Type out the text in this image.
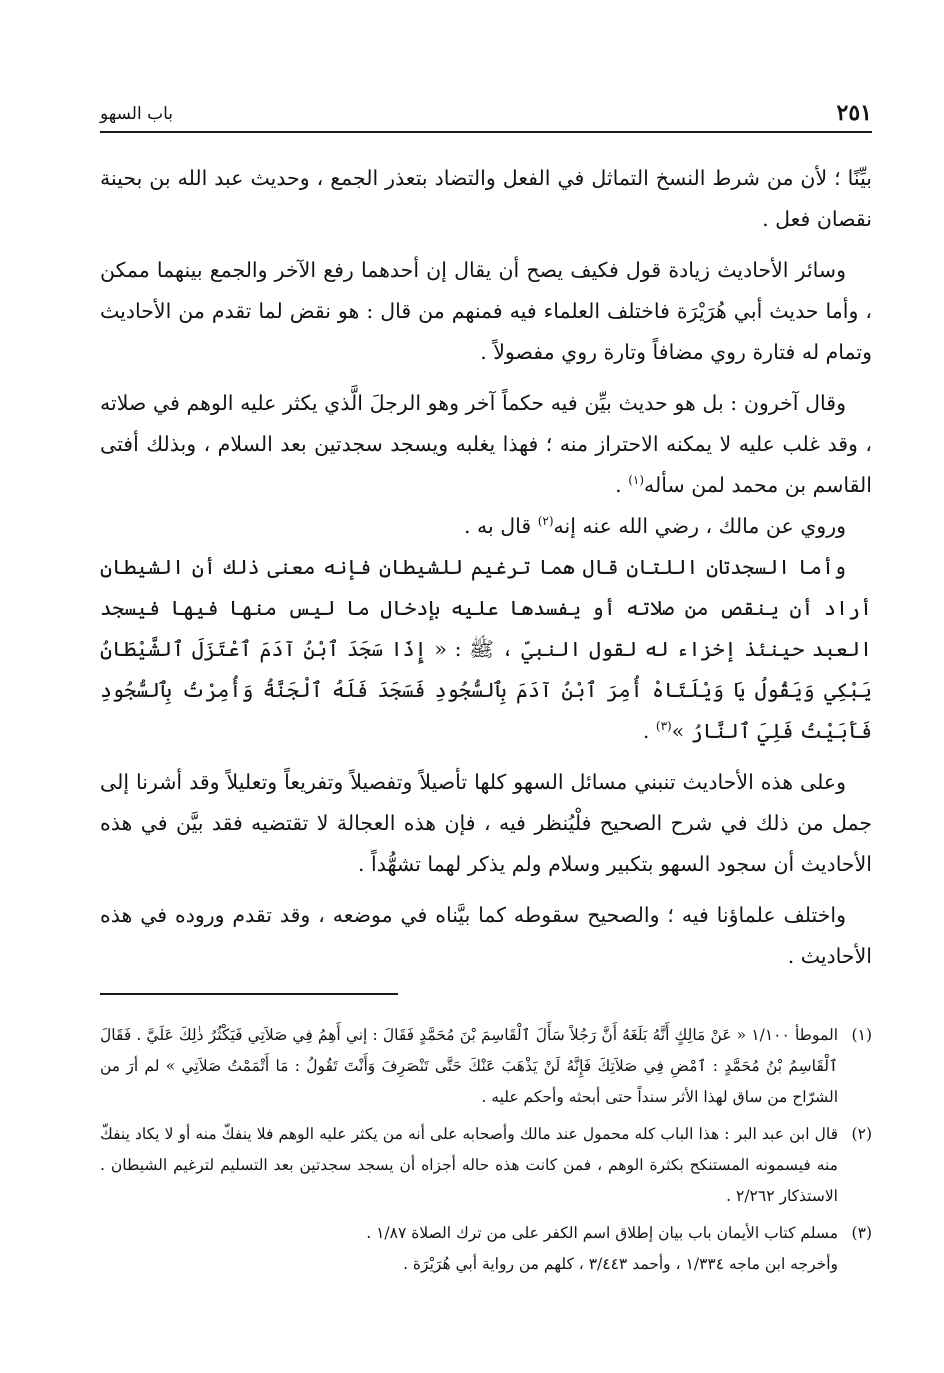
٢٥١
باب السهو

بيِّنًا ؛ لأن من شرط النسخ التماثل في الفعل والتضاد بتعذر الجمع ، وحديث عبد الله بن بحينة نقصان فعل .

وسائر الأحاديث زيادة قول فكيف يصح أن يقال إن أحدهما رفع الآخر والجمع بينهما ممكن ، وأما حديث أبي هُرَيْرَة فاختلف العلماء فيه فمنهم من قال : هو نقض لما تقدم من الأحاديث وتمام له فتارة روي مضافاً وتارة روي مفصولاً .

وقال آخرون : بل هو حديث بيِّن فيه حكماً آخر وهو الرجلَ الَّذي يكثر عليه الوهم في صلاته ، وقد غلب عليه لا يمكنه الاحتراز منه ؛ فهذا يغلبه ويسجد سجدتين بعد السلام ، وبذلك أفتى القاسم بن محمد لمن سأله$^{(١)}$ .

وروي عن مالك ، رضي الله عنه إنه$^{(٢)}$ قال به .

وأما السجدتان اللتان قال هما ترغيم للشيطان فإنه معنى ذلك أن الشيطان أراد أن ينقص من صلاته أو يفسدها عليه بإدخال ما ليس منها فيها فيسجد العبد حينئذ إخزاء له لقول النبيّ ، ﷺ : « إِذَا سَجَدَ ٱبْنُ آدَمَ ٱعْتَزَلَ ٱلشَّيْطَانُ يَبْكِي وَيَقُولُ يَا وَيْلَتَاهْ أُمِرَ ٱبْنُ آدَمَ بِٱلسُّجُودِ فَسَجَدَ فَلَهُ ٱلْجَنَّةُ وَأُمِرْتُ بِٱلسُّجُودِ فَأَبَيْتُ فَلِيَ ٱلنَّارُ »$^{(٣)}$ .

وعلى هذه الأحاديث تنبني مسائل السهو كلها تأصيلاً وتفصيلاً وتفريعاً وتعليلاً وقد أشرنا إلى جمل من ذلك في شرح الصحيح فلْيُنظر فيه ، فإن هذه العجالة لا تقتضيه فقد بيَّن في هذه الأحاديث أن سجود السهو بتكبير وسلام ولم يذكر لهما تشهُّداً .

واختلف علماؤنا فيه ؛ والصحيح سقوطه كما بيَّناه في موضعه ، وقد تقدم وروده في هذه الأحاديث .

(١)
الموطأ ١/١٠٠ « عَنْ مَالِكٍ أَنَّهُ بَلَغَهُ أَنَّ رَجُلاً سَأَلَ ٱلْقَاسِمَ بْنَ مُحَمَّدٍ فَقَالَ : إني أَهِمُ فِي صَلاَتِي فَيَكْثُرُ ذٰلِكَ عَلَيَّ . فَقَالَ ٱلْقَاسِمُ بْنُ مُحَمَّدٍ : ٱمْضِ فِي صَلاَتِكَ فَإِنَّهُ لَنْ يَذْهَبَ عَنْكَ حَتَّى تَنْصَرِفَ وَأَنْتَ تَقُولُ : مَا أَتْمَمْتُ صَلاَتِي » لم أرَ من الشرّاح من ساق لهذا الأثر سنداً حتى أبحثه وأحكم عليه .
(٢)
قال ابن عبد البر : هذا الباب كله محمول عند مالك وأصحابه على أنه من يكثر عليه الوهم فلا ينفكّ منه أو لا يكاد ينفكّ منه فيسمونه المستنكح بكثرة الوهم ، فمن كانت هذه حاله أجزاه أن يسجد سجدتين بعد التسليم لترغيم الشيطان . الاستذكار ٢/٢٦٢ .
(٣)
مسلم كتاب الأيمان باب بيان إطلاق اسم الكفر على من ترك الصلاة ١/٨٧ .
وأخرجه ابن ماجه ١/٣٣٤ ، وأحمد ٣/٤٤٣ ، كلهم من رواية أبي هُرَيْرَة .
